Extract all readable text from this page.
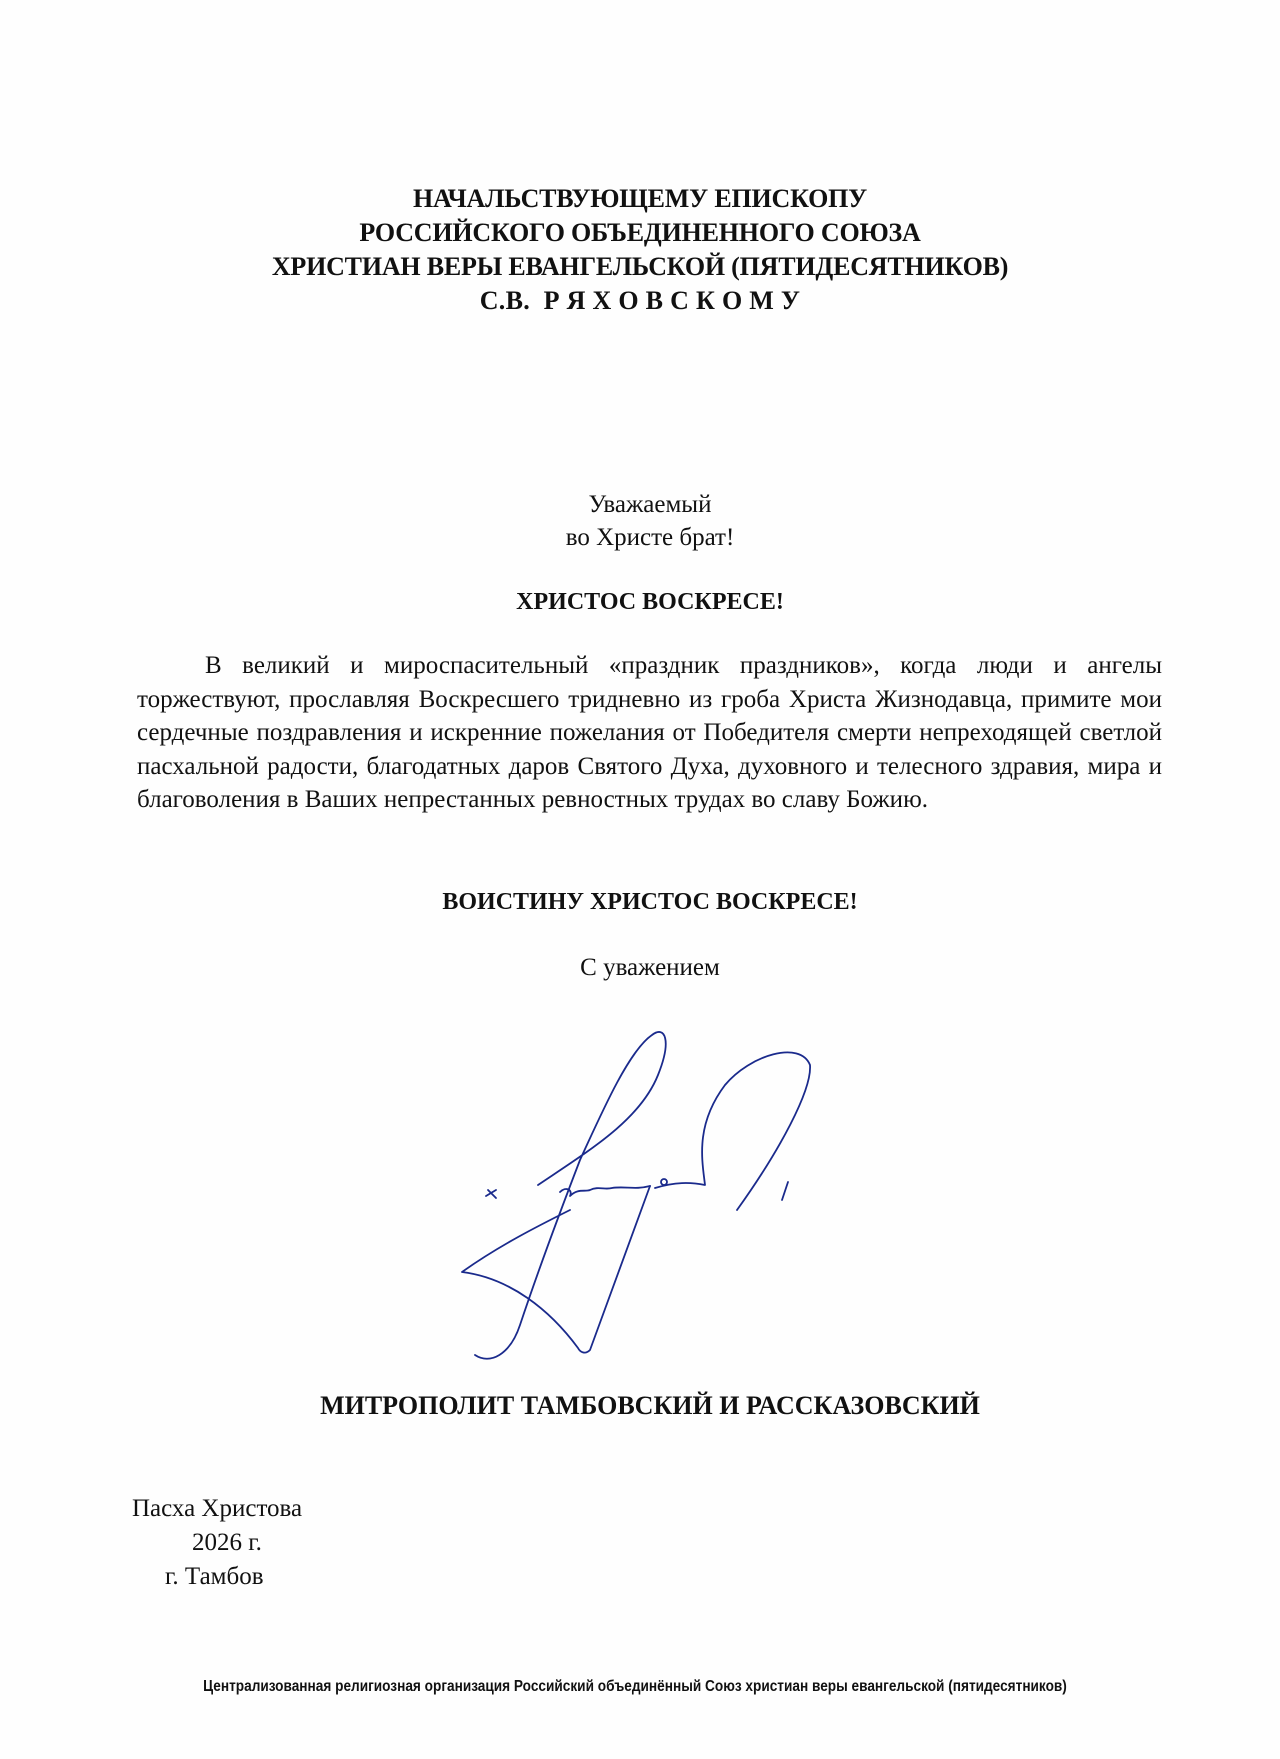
НАЧАЛЬСТВУЮЩЕМУ ЕПИСКОПУ
РОССИЙСКОГО ОБЪЕДИНЕННОГО СОЮЗА
ХРИСТИАН ВЕРЫ ЕВАНГЕЛЬСКОЙ (ПЯТИДЕСЯТНИКОВ)
С.В.  Р Я Х О В С К О М У
Уважаемый
во Христе брат!
ХРИСТОС ВОСКРЕСЕ!
В великий и мироспасительный «праздник праздников», когда люди и ангелы торжествуют, прославляя Воскресшего тридневно из гроба Христа Жизнодавца, примите мои сердечные поздравления и искренние пожелания от Победителя смерти непреходящей светлой пасхальной радости, благодатных даров Святого Духа, духовного и телесного здравия, мира и благоволения в Ваших непрестанных ревностных трудах во славу Божию.
ВОИСТИНУ ХРИСТОС ВОСКРЕСЕ!
С уважением
МИТРОПОЛИТ ТАМБОВСКИЙ И РАССКАЗОВСКИЙ
Пасха Христова
2026 г.
г. Тамбов
Централизованная религиозная организация Российский объединённый Союз христиан веры евангельской (пятидесятников)
